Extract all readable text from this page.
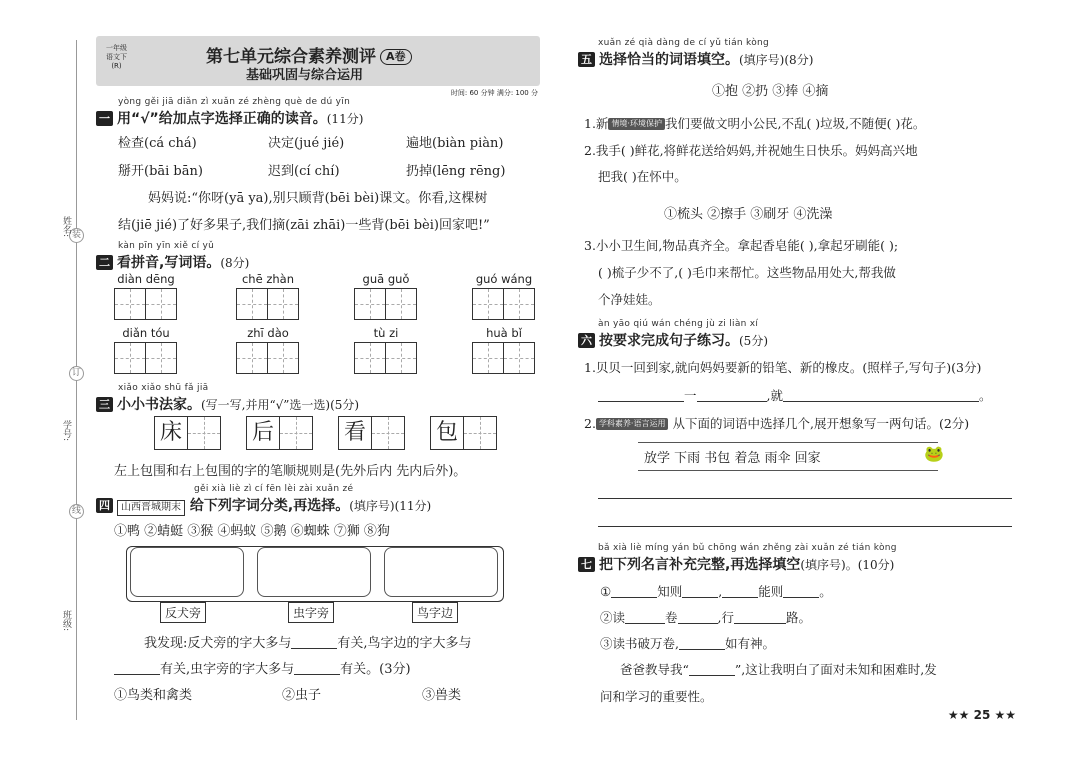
装
订
线
姓名:
学号:
班级:
一年级
语文下
(R)	第七单元综合素养测评 A卷
基础巩固与综合运用
时间: 60 分钟 满分: 100 分
yòng gěi jiā diǎn zì xuǎn zé zhèng què de dú yīn
一 用“√”给加点字选择正确的读音。(11分)
检查(cá chá)	决定(jué jié)	遍地(biàn piàn)
掰开(bāi bān)	迟到(cí chí)	扔掉(lēng rēng)
妈妈说:“你呀(yā ya),别只顾背(bēi bèi)课文。你看,这棵树
结(jiē jié)了好多果子,我们摘(zāi zhāi)一些背(bēi bèi)回家吧!”
kàn pīn yīn xiě cí yǔ
二 看拼音,写词语。(8分)
diàn dēng	chē zhàn	guā guǒ	guó wáng
diǎn tóu	zhī dào	tù zi	huà bǐ
xiǎo xiǎo shū fǎ jiā
三 小小书法家。(写一写,并用“√”选一选)(5分)
床	后	看	包
左上包围和右上包围的字的笔顺规则是(先外后内 先内后外)。
gěi xià liè zì cí fēn lèi zài xuǎn zé
四 山西晋城期末 给下列字词分类,再选择。(填序号)(11分)
①鸭 ②蜻蜓 ③猴 ④蚂蚁 ⑤鹅 ⑥蜘蛛 ⑦狮 ⑧狗
反犬旁	虫字旁	鸟字边
我发现:反犬旁的字大多与	有关,鸟字边的字大多与
有关,虫字旁的字大多与	有关。(3分)
①鸟类和禽类	②虫子	③兽类
xuǎn zé qià dàng de cí yǔ tián kòng
五 选择恰当的词语填空。(填序号)(8分)
①抱 ②扔 ③捧 ④摘
1.新 情境·环境保护 我们要做文明小公民,不乱( )垃圾,不随便( )花。
2.我手( )鲜花,将鲜花送给妈妈,并祝她生日快乐。妈妈高兴地
把我( )在怀中。
①梳头 ②擦手 ③刷牙 ④洗澡
3.小小卫生间,物品真齐全。拿起香皂能( ),拿起牙刷能( );
( )梳子少不了,( )毛巾来帮忙。这些物品用处大,帮我做
个净娃娃。
àn yāo qiú wán chéng jù zi liàn xí
六 按要求完成句子练习。(5分)
1.贝贝一回到家,就向妈妈要新的铅笔、新的橡皮。(照样子,写句子)(3分)
一	,就	。
2. 学科素养·语言运用 从下面的词语中选择几个,展开想象写一两句话。(2分)
放学 下雨 书包 着急 雨伞 回家	🐸
bǎ xià liè míng yán bǔ chōng wán zhěng zài xuǎn zé tián kòng
七 把下列名言补充完整,再选择填空(填序号)。(10分)
①	知则	,	能则	。
②读	卷	,行	路。
③读书破万卷,	如有神。
爸爸教导我“	”,这让我明白了面对未知和困难时,发
问和学习的重要性。
★★ 25 ★★
